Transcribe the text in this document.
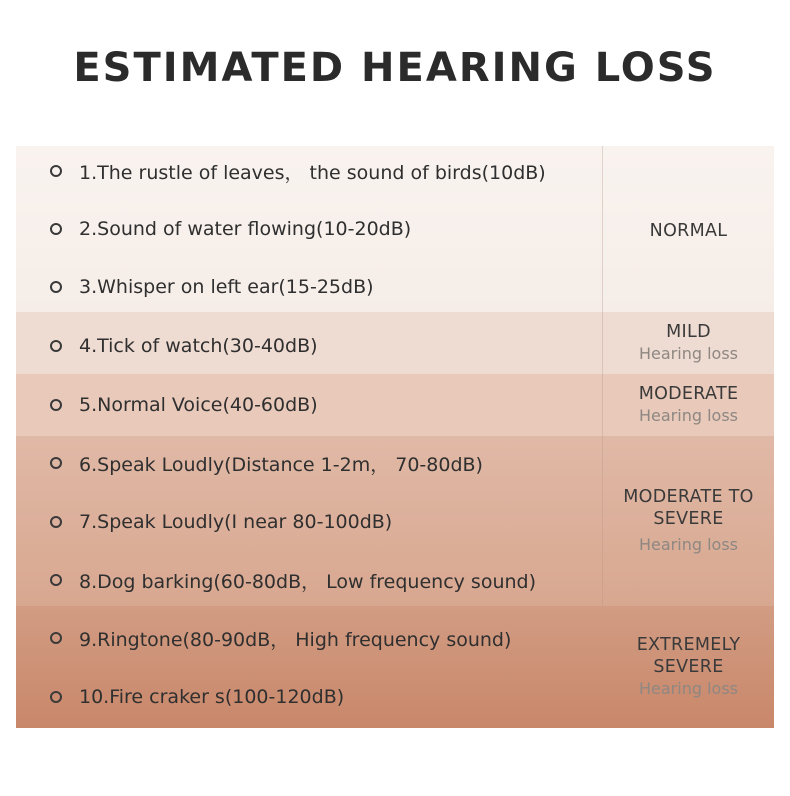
ESTIMATED HEARING LOSS
1.The rustle of leaves， the sound of birds(10dB)
2.Sound of water flowing(10-20dB)
3.Whisper on left ear(15-25dB)
4.Tick of watch(30-40dB)
5.Normal Voice(40-60dB)
6.Speak Loudly(Distance 1-2m， 70-80dB)
7.Speak Loudly(I near 80-100dB)
8.Dog barking(60-80dB， Low frequency sound)
9.Ringtone(80-90dB， High frequency sound)
10.Fire craker s(100-120dB)
NORMAL
MILD
Hearing loss
MODERATE
Hearing loss
MODERATE TO
SEVERE
Hearing loss
EXTREMELY
SEVERE
Hearing loss
